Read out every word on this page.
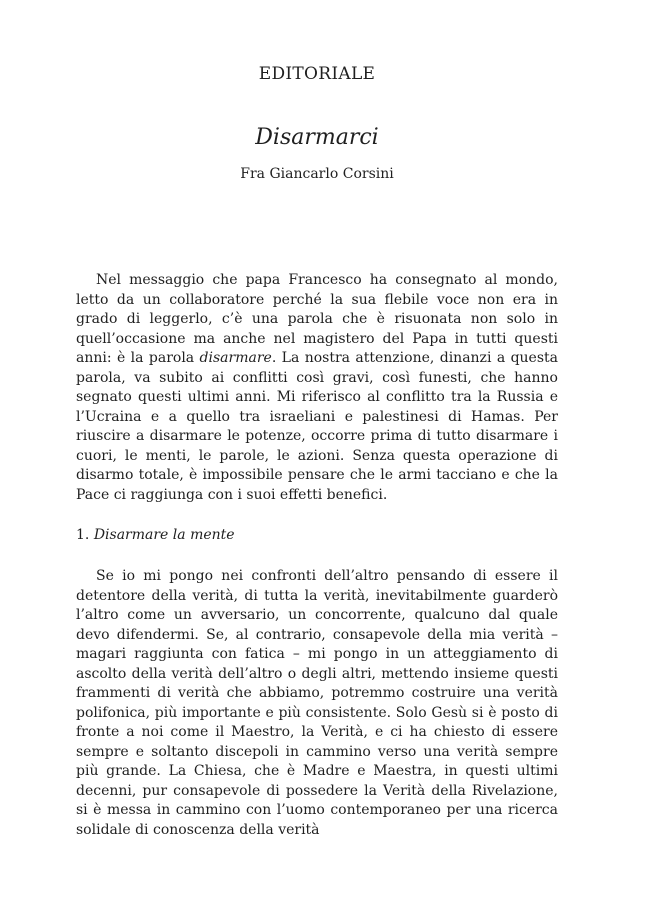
EDITORIALE
Disarmarci
Fra Giancarlo Corsini

Nel messaggio che papa Francesco ha consegnato al mondo, letto da un collaboratore perché la sua flebile voce non era in grado di leggerlo, c’è una parola che è risuonata non solo in quell’occasione ma anche nel magistero del Papa in tutti questi anni: è la parola disarmare. La nostra attenzione, dinanzi a questa parola, va subito ai conflitti così gravi, così funesti, che hanno segnato questi ultimi anni. Mi riferisco al conflitto tra la Russia e l’Ucraina e a quello tra israeliani e palestinesi di Hamas. Per riuscire a disarmare le potenze, occorre prima di tutto disarmare i cuori, le menti, le parole, le azioni. Senza questa operazione di disarmo totale, è impossibile pensare che le armi tacciano e che la Pace ci raggiunga con i suoi effetti benefici.

1. Disarmare la mente

Se io mi pongo nei confronti dell’altro pensando di essere il detentore della verità, di tutta la verità, inevitabilmente guarderò l’altro come un avversario, un concorrente, qualcuno dal quale devo difendermi. Se, al contrario, consapevole della mia verità – magari raggiunta con fatica – mi pongo in un atteggiamento di ascolto della verità dell’altro o degli altri, mettendo insieme questi frammenti di verità che abbiamo, potremmo costruire una verità polifonica, più importante e più consistente. Solo Gesù si è posto di fronte a noi come il Maestro, la Verità, e ci ha chiesto di essere sempre e soltanto discepoli in cammino verso una verità sempre più grande. La Chiesa, che è Madre e Maestra, in questi ultimi decenni, pur consapevole di possedere la Verità della Rivelazione, si è messa in cammino con l’uomo contemporaneo per una ricerca solidale di conoscenza della verità
